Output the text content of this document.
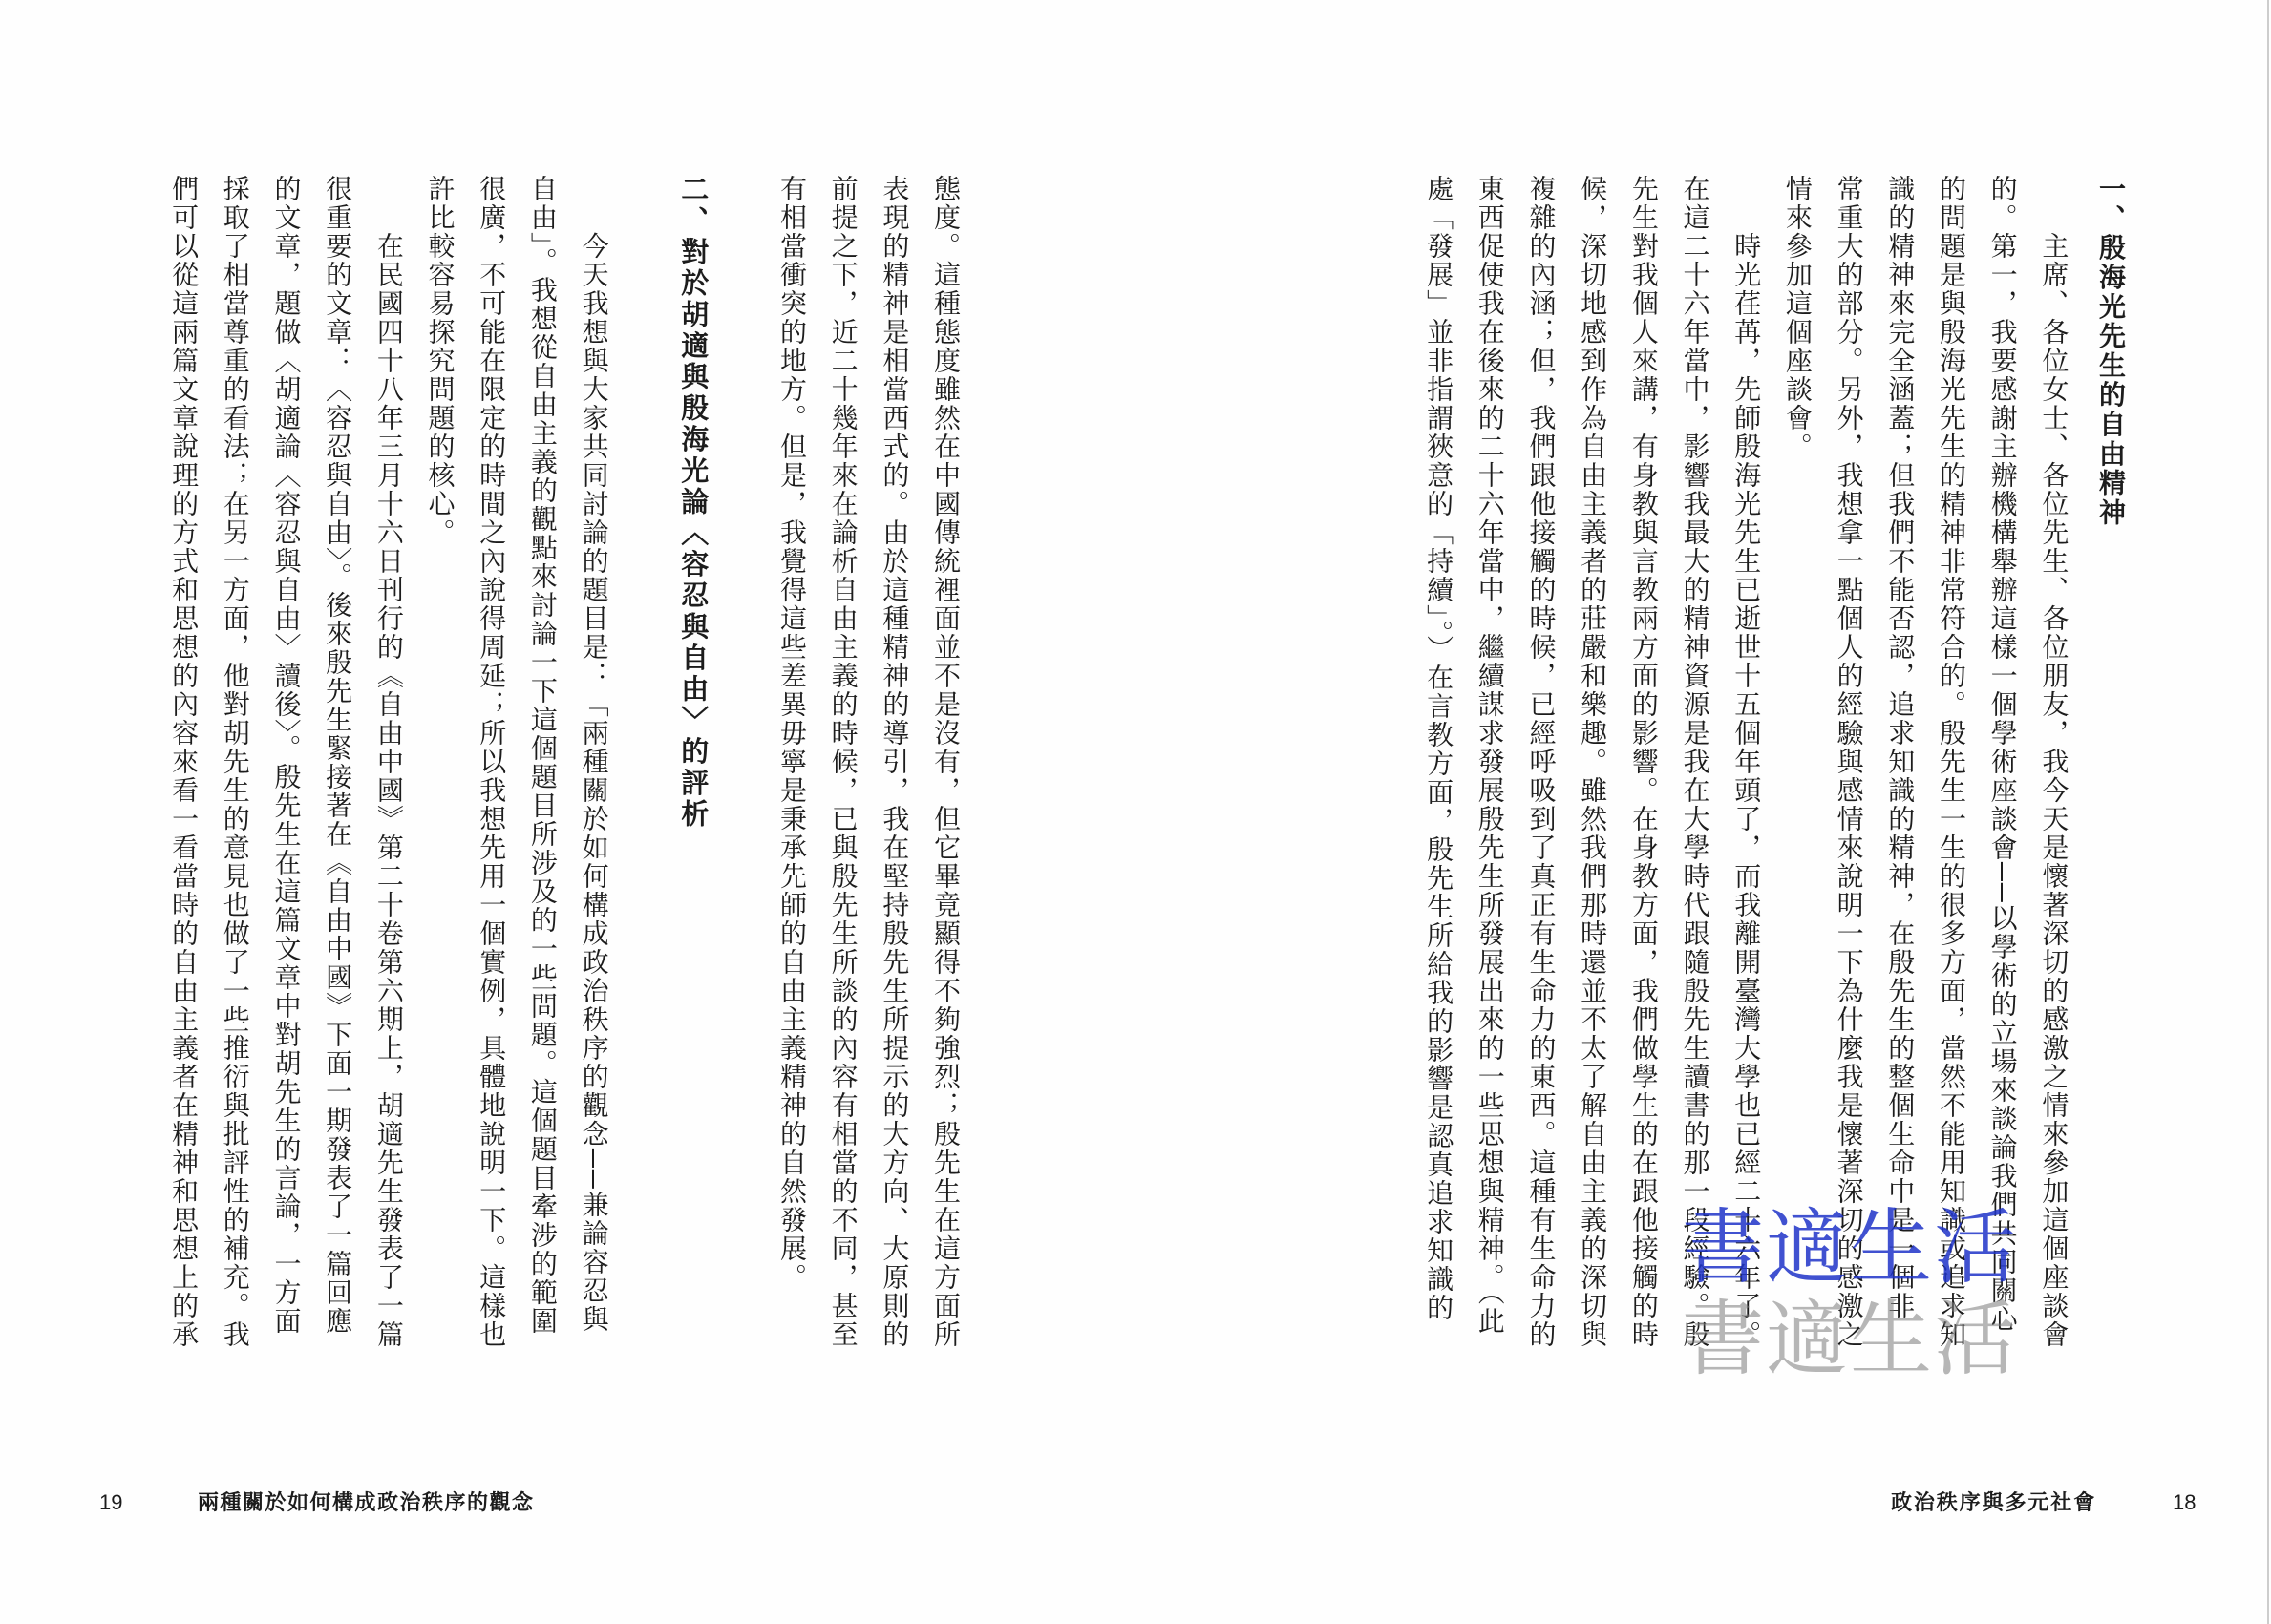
一、殷海光先生的自由精神
　　主席、各位女士、各位先生、各位朋友，我今天是懷著深切的感激之情來參加這個座談會
的。第一，我要感謝主辦機構舉辦這樣一個學術座談會──以學術的立場來談論我們共同關心
的問題是與殷海光先生的精神非常符合的。殷先生一生的很多方面，當然不能用知識或追求知
識的精神來完全涵蓋；但我們不能否認，追求知識的精神，在殷先生的整個生命中是一個非
常重大的部分。另外，我想拿一點個人的經驗與感情來說明一下為什麼我是懷著深切的感激之
情來參加這個座談會。
　　時光荏苒，先師殷海光先生已逝世十五個年頭了，而我離開臺灣大學也已經二十六年了。
在這二十六年當中，影響我最大的精神資源是我在大學時代跟隨殷先生讀書的那一段經驗。殷
先生對我個人來講，有身教與言教兩方面的影響。在身教方面，我們做學生的在跟他接觸的時
候，深切地感到作為自由主義者的莊嚴和樂趣。雖然我們那時還並不太了解自由主義的深切與
複雜的內涵；但，我們跟他接觸的時候，已經呼吸到了真正有生命力的東西。這種有生命力的
東西促使我在後來的二十六年當中，繼續謀求發展殷先生所發展出來的一些思想與精神。（此
處「發展」並非指謂狹意的「持續」。）在言教方面，殷先生所給我的影響是認真追求知識的
態度。這種態度雖然在中國傳統裡面並不是沒有，但它畢竟顯得不夠強烈；殷先生在這方面所
表現的精神是相當西式的。由於這種精神的導引，我在堅持殷先生所提示的大方向、大原則的
前提之下，近二十幾年來在論析自由主義的時候，已與殷先生所談的內容有相當的不同，甚至
有相當衝突的地方。但是，我覺得這些差異毋寧是秉承先師的自由主義精神的自然發展。
二、對於胡適與殷海光論〈容忍與自由〉的評析
　　今天我想與大家共同討論的題目是：「兩種關於如何構成政治秩序的觀念──兼論容忍與
自由」。我想從自由主義的觀點來討論一下這個題目所涉及的一些問題。這個題目牽涉的範圍
很廣，不可能在限定的時間之內說得周延；所以我想先用一個實例，具體地說明一下。這樣也
許比較容易探究問題的核心。
　　在民國四十八年三月十六日刊行的《自由中國》第二十卷第六期上，胡適先生發表了一篇
很重要的文章：〈容忍與自由〉。後來殷先生緊接著在《自由中國》下面一期發表了一篇回應
的文章，題做〈胡適論〈容忍與自由〉讀後〉。殷先生在這篇文章中對胡先生的言論，一方面
採取了相當尊重的看法；在另一方面，他對胡先生的意見也做了一些推衍與批評性的補充。我
們可以從這兩篇文章說理的方式和思想的內容來看一看當時的自由主義者在精神和思想上的承
19	兩種關於如何構成政治秩序的觀念	政治秩序與多元社會	18
書適生活
書適生活
